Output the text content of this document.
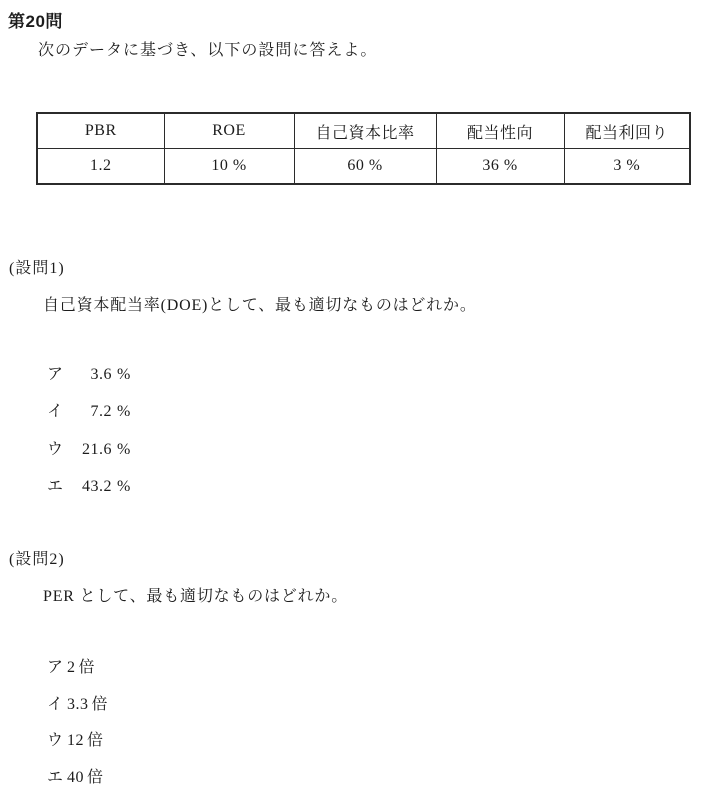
第20問
次のデータに基づき、以下の設問に答えよ。
PBR	ROE	自己資本比率	配当性向	配当利回り
1.2	10 %	60 %	36 %	3 %
(設問1)
自己資本配当率(DOE)として、最も適切なものはどれか。
ア 3.6 %
イ 7.2 %
ウ 21.6 %
エ 43.2 %
(設問2)
PER として、最も適切なものはどれか。
ア 2 倍
イ 3.3 倍
ウ 12 倍
エ 40 倍
